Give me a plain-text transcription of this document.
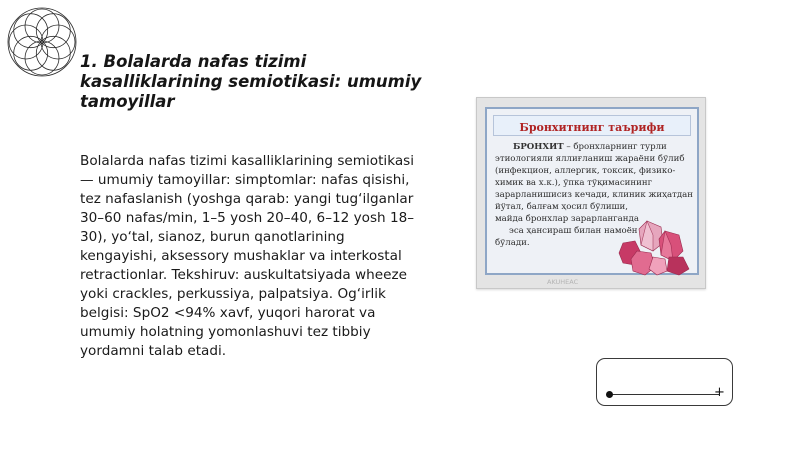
1. Bolalarda nafas tizimi kasalliklarining semiotikasi: umumiy tamoyillar

Bolalarda nafas tizimi kasalliklarining semiotikasi — umumiy tamoyillar: simptomlar: nafas qisishi, tez nafaslanish (yoshga qarab: yangi tug‘ilganlar 30–60 nafas/min, 1–5 yosh 20–40, 6–12 yosh 18–30), yo‘tal, sianoz, burun qanotlarining kengayishi, aksessory mushaklar va interkostal retractionlar. Tekshiruv: auskultatsiyada wheeze yoki crackles, perkussiya, palpatsiya. Og‘irlik belgisi: SpO2 <94% xavf, yuqori harorat va umumiy holatning yomonlashuvi tez tibbiy yordamni talab etadi.

Бронхитнинг таърифи

БРОНХИТ – бронхларнинг турли

этиологияли яллиғланиш жараёни бўлиб

(инфекцион, аллергик, токсик, физико-

химик ва х.к.), ўпка тўқимасининг

зарарланишисиз кечади, клиник жиҳатдан

йўтал, балғам ҳосил бўлиши,

майда бронхлар зарарланганда

эса ҳансираш билан намоён

бўлади.

AKUHEAC
+
